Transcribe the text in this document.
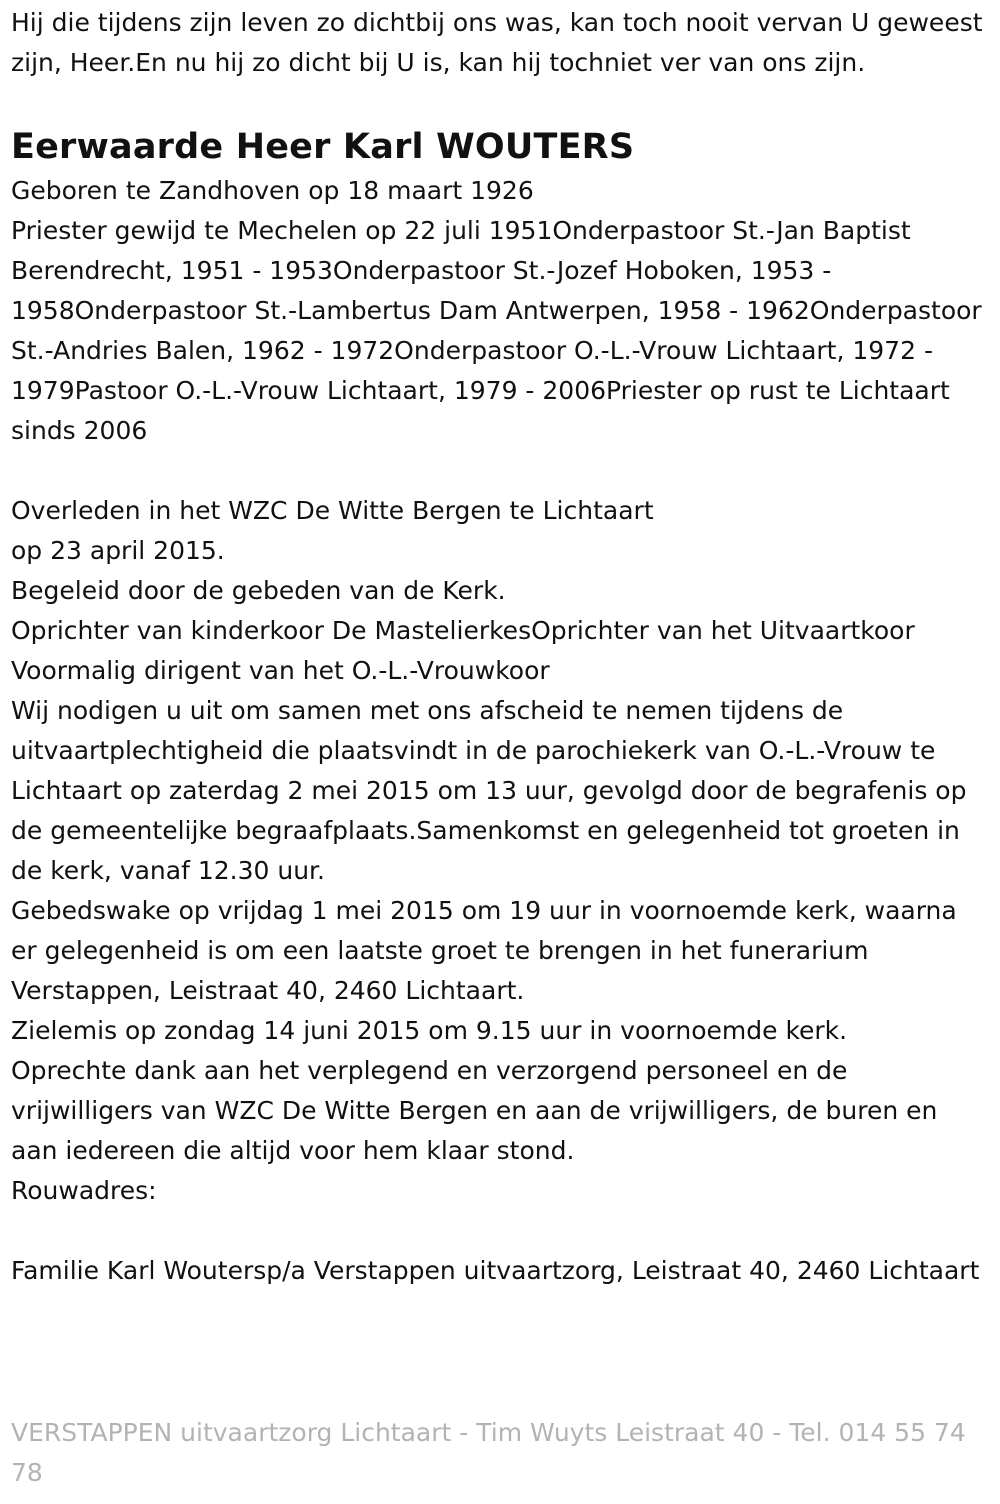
Hij die tijdens zijn leven zo dichtbij ons was, kan toch nooit vervan U geweest zijn, Heer.En nu hij zo dicht bij U is, kan hij tochniet ver van ons zijn.

Eerwaarde Heer Karl WOUTERS

Geboren te Zandhoven op 18 maart 1926

Priester gewijd te Mechelen op 22 juli 1951Onderpastoor St.-Jan Baptist Berendrecht, 1951 - 1953Onderpastoor St.-Jozef Hoboken, 1953 - 1958Onderpastoor St.-Lambertus Dam Antwerpen, 1958 - 1962Onderpastoor St.-Andries Balen, 1962 - 1972Onderpastoor O.-L.-Vrouw Lichtaart, 1972 - 1979Pastoor O.-L.-Vrouw Lichtaart, 1979 - 2006Priester op rust te Lichtaart sinds 2006

Overleden in het WZC De Witte Bergen te Lichtaart

op 23 april 2015.

Begeleid door de gebeden van de Kerk.

Oprichter van kinderkoor De MastelierkesOprichter van het Uitvaartkoor

Voormalig dirigent van het O.-L.-Vrouwkoor

Wij nodigen u uit om samen met ons afscheid te nemen tijdens de uitvaartplechtigheid die plaatsvindt in de parochiekerk van O.-L.-Vrouw te Lichtaart op zaterdag 2 mei 2015 om 13 uur, gevolgd door de begrafenis op de gemeentelijke begraafplaats.Samenkomst en gelegenheid tot groeten in de kerk, vanaf 12.30 uur.

Gebedswake op vrijdag 1 mei 2015 om 19 uur in voornoemde kerk, waarna er gelegenheid is om een laatste groet te brengen in het funerarium Verstappen, Leistraat 40, 2460 Lichtaart.

Zielemis op zondag 14 juni 2015 om 9.15 uur in voornoemde kerk.

Oprechte dank aan het verplegend en verzorgend personeel en de vrijwilligers van WZC De Witte Bergen en aan de vrijwilligers, de buren en aan iedereen die altijd voor hem klaar stond.

Rouwadres:

Familie Karl Woutersp/a Verstappen uitvaartzorg, Leistraat 40, 2460 Lichtaart

VERSTAPPEN uitvaartzorg Lichtaart - Tim Wuyts Leistraat 40 - Tel. 014 55 74 78
